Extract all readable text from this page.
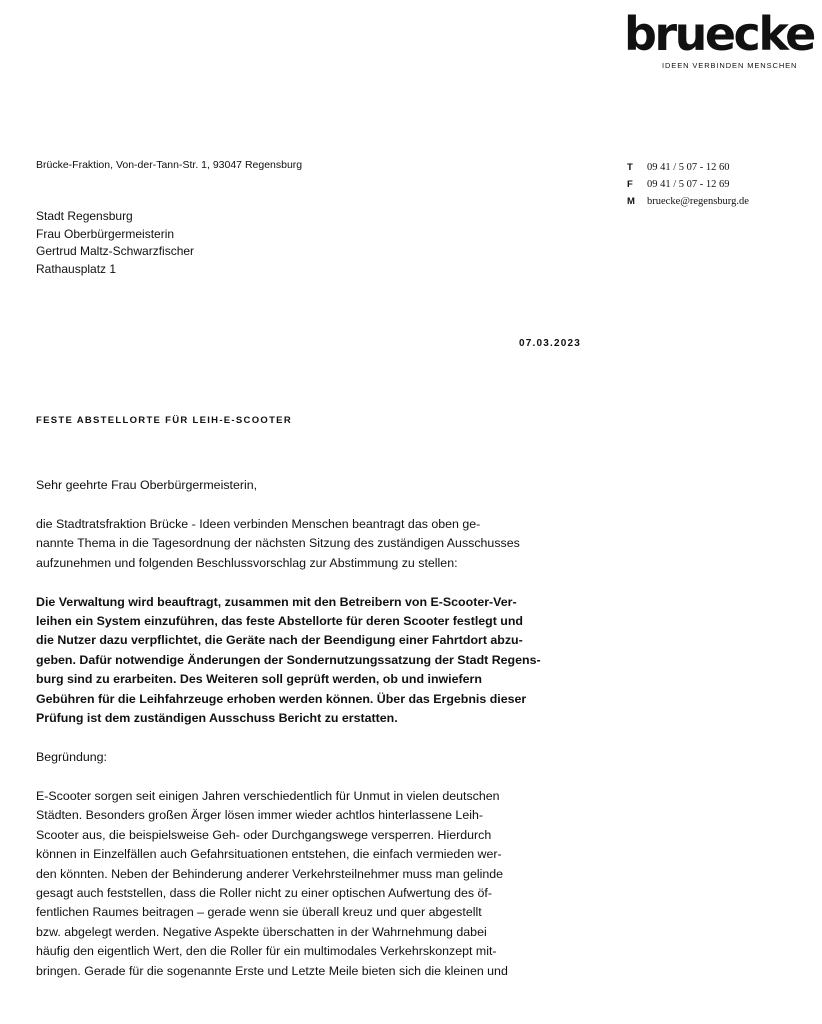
bruecke
IDEEN VERBINDEN MENSCHEN
Brücke-Fraktion, Von-der-Tann-Str. 1, 93047 Regensburg	T 09 41 / 5 07 - 12 60
F 09 41 / 5 07 - 12 69
M bruecke@regensburg.de
Stadt Regensburg
Frau Oberbürgermeisterin
Gertrud Maltz-Schwarzfischer
Rathausplatz 1
07.03.2023
FESTE ABSTELLORTE FÜR LEIH-E-SCOOTER

Sehr geehrte Frau Oberbürgermeisterin,

die Stadtratsfraktion Brücke - Ideen verbinden Menschen beantragt das oben ge-
nannte Thema in die Tagesordnung der nächsten Sitzung des zuständigen Ausschusses
aufzunehmen und folgenden Beschlussvorschlag zur Abstimmung zu stellen:

Die Verwaltung wird beauftragt, zusammen mit den Betreibern von E-Scooter-Ver-
leihen ein System einzuführen, das feste Abstellorte für deren Scooter festlegt und
die Nutzer dazu verpflichtet, die Geräte nach der Beendigung einer Fahrtdort abzu-
geben. Dafür notwendige Änderungen der Sondernutzungssatzung der Stadt Regens-
burg sind zu erarbeiten. Des Weiteren soll geprüft werden, ob und inwiefern
Gebühren für die Leihfahrzeuge erhoben werden können. Über das Ergebnis dieser
Prüfung ist dem zuständigen Ausschuss Bericht zu erstatten.

Begründung:

E-Scooter sorgen seit einigen Jahren verschiedentlich für Unmut in vielen deutschen
Städten. Besonders großen Ärger lösen immer wieder achtlos hinterlassene Leih-
Scooter aus, die beispielsweise Geh- oder Durchgangswege versperren. Hierdurch
können in Einzelfällen auch Gefahrsituationen entstehen, die einfach vermieden wer-
den könnten. Neben der Behinderung anderer Verkehrsteilnehmer muss man gelinde
gesagt auch feststellen, dass die Roller nicht zu einer optischen Aufwertung des öf-
fentlichen Raumes beitragen – gerade wenn sie überall kreuz und quer abgestellt
bzw. abgelegt werden. Negative Aspekte überschatten in der Wahrnehmung dabei
häufig den eigentlich Wert, den die Roller für ein multimodales Verkehrskonzept mit-
bringen. Gerade für die sogenannte Erste und Letzte Meile bieten sich die kleinen und
